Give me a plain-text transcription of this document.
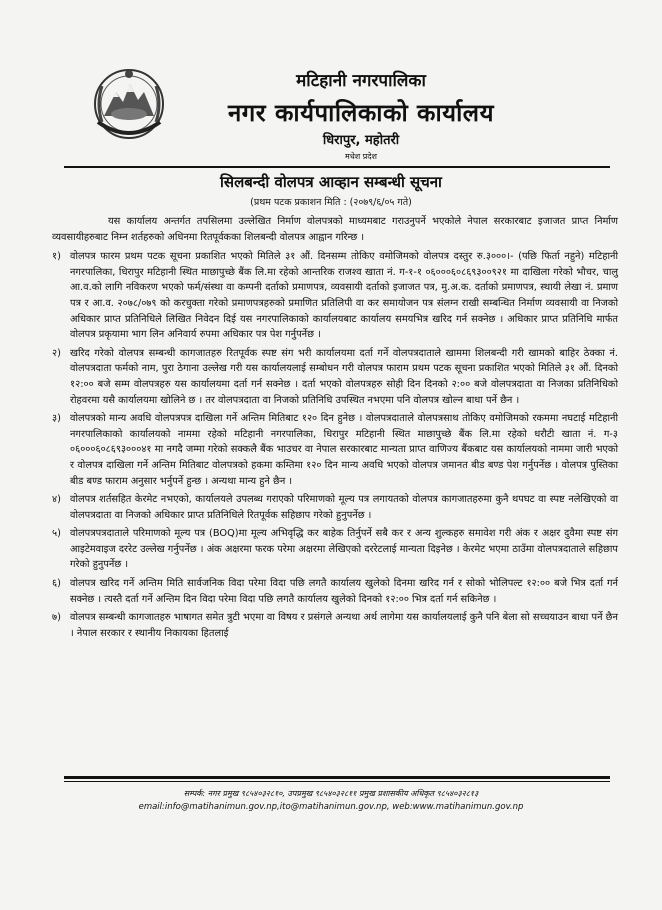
मटिहानी नगरपालिका
नगर कार्यपालिकाको कार्यालय
धिरापुर, महोतरी
मधेश प्रदेश
सिलबन्दी वोलपत्र आव्हान सम्बन्धी सूचना
(प्रथम पटक प्रकाशन मिति : (२०७९/६/०५ गते)

यस कार्यालय अन्तर्गत तपसिलमा उल्लेखित निर्माण वोलपत्रको माध्यमबाट गराउनुपर्ने भएकोले नेपाल सरकारबाट इजाजत प्राप्त निर्माण व्यवसायीहरुबाट निम्न शर्तहरुको अधिनमा रितपूर्वकका शिलबन्दी वोलपत्र आह्वान गरिन्छ ।

१) वोलपत्र फारम प्रथम पटक सूचना प्रकाशित भएको मितिले ३१ औं. दिनसम्म तोकिए वमोजिमको वोलपत्र दस्तुर रु.३०००।- (पछि फिर्ता नहुने) मटिहानी नगरपालिका, धिरापुर मटिहानी स्थित माछापुच्छे बैंक लि.मा रहेको आन्तरिक राजश्व खाता नं. ग-१-१ ०६०००६०८६९३००९२१ मा दाखिला गरेको भौचर, चालु आ.व.को लागि नविकरण भएको फर्म/संस्था वा कम्पनी दर्ताको प्रमाणपत्र, व्यवसायी दर्ताको इजाजत पत्र, मु.अ.क. दर्ताको प्रमाणपत्र, स्थायी लेखा नं. प्रमाण पत्र र आ.व. २०७८/०७९ को करचुक्ता गरेको प्रमाणपत्रहरुको प्रमाणित प्रतिलिपी वा कर समायोजन पत्र संलग्न राखी सम्बन्धित निर्माण व्यवसायी वा निजको अधिकार प्राप्त प्रतिनिधिले लिखित निवेदन दिई यस नगरपालिकाको कार्यालयबाट कार्यालय समयभित्र खरिद गर्न सक्नेछ । अधिकार प्राप्त प्रतिनिधि मार्फत वोलपत्र प्रकृयामा भाग लिन अनिवार्य रुपमा अधिकार पत्र पेश गर्नुपर्नेछ ।
२) खरिद गरेको वोलपत्र सम्बन्धी कागजातहरु रितपूर्वक स्पष्ट संग भरी कार्यालयमा दर्ता गर्ने वोलपत्रदाताले खाममा शिलबन्दी गरी खामको बाहिर ठेक्का नं. वोलपत्रदाता फर्मको नाम, पुरा ठेगाना उल्लेख गरी यस कार्यालयलाई सम्बोधन गरी वोलपत्र फाराम प्रथम पटक सूचना प्रकाशित भएको मितिले ३१ औं. दिनको १२:०० बजे सम्म वोलपत्रहरु यस कार्यालयमा दर्ता गर्न सक्नेछ । दर्ता भएको वोलपत्रहरु सोही दिन दिनको २:०० बजे वोलपत्रदाता वा निजका प्रतिनिधिको रोहवरमा यसै कार्यालयमा खोलिने छ । तर वोलपत्रदाता वा निजको प्रतिनिधि उपस्थित नभएमा पनि वोलपत्र खोल्न बाधा पर्ने छैन ।
३) वोलपत्रको मान्य अवधि वोलपत्रपत्र दाखिला गर्ने अन्तिम मितिबाट १२० दिन हुनेछ । वोलपत्रदाताले वोलपत्रसाथ तोकिए वमोजिमको रकममा नघटाई मटिहानी नगरपालिकाको कार्यालयको नाममा रहेको मटिहानी नगरपालिका, धिरापुर मटिहानी स्थित माछापुच्छे बैंक लि.मा रहेको धरौटी खाता नं. ग-३ ०६०००६०८६९३०००४१ मा नगदै जम्मा गरेको सक्कलै बैंक भाउचर वा नेपाल सरकारबाट मान्यता प्राप्त वाणिज्य बैंकबाट यस कार्यालयको नाममा जारी भएको र वोलपत्र दाखिला गर्ने अन्तिम मितिबाट वोलपत्रको हकमा कम्तिमा १२० दिन मान्य अवधि भएको वोलपत्र जमानत बीड बण्ड पेश गर्नुपर्नेछ । वोलपत्र पुस्तिका बीड बण्ड फाराम अनुसार भर्नुपर्ने हुन्छ । अन्यथा मान्य हुने छैन ।
४) वोलपत्र शर्तसहित केरमेट नभएको, कार्यालयले उपलब्ध गराएको परिमाणको मूल्य पत्र लगायतको वोलपत्र कागजातहरुमा कुनै थपघट वा स्पष्ट नलेखिएको वा वोलपत्रदाता वा निजको अधिकार प्राप्त प्रतिनिधिले रितपूर्वक सहिछाप गरेको हुनुपर्नेछ ।
५) वोलपत्रपत्रदाताले परिमाणको मूल्य पत्र (BOQ)मा मूल्य अभिवृद्धि कर बाहेक तिर्नुपर्ने सबै कर र अन्य शुल्कहरु समावेश गरी अंक र अक्षर दुवैमा स्पष्ट संग आइटेमवाइज दररेट उल्लेख गर्नुपर्नेछ । अंक अक्षरमा फरक परेमा अक्षरमा लेखिएको दररेटलाई मान्यता दिइनेछ । केरमेट भएमा ठाउँमा वोलपत्रदाताले सहिछाप गरेको हुनुपर्नेछ ।
६) वोलपत्र खरिद गर्ने अन्तिम मिति सार्वजनिक विदा परेमा विदा पछि लगतै कार्यालय खुलेको दिनमा खरिद गर्न र सोको भोलिपल्ट १२:०० बजे भित्र दर्ता गर्न सक्नेछ । त्यस्तै दर्ता गर्ने अन्तिम दिन विदा परेमा विदा पछि लगतै कार्यालय खुलेको दिनको १२:०० भित्र दर्ता गर्न सकिनेछ ।
७) वोलपत्र सम्बन्धी कागजातहरु भाषागत समेत त्रुटी भएमा वा विषय र प्रसंगले अन्यथा अर्थ लागेमा यस कार्यालयलाई कुनै पनि बेला सो सच्चयाउन बाधा पर्ने छैन । नेपाल सरकार र स्थानीय निकायका हितलाई
सम्पर्क: नगर प्रमुख ९८५४०३२८१०, उपप्रमुख ९८५४०३२८११ प्रमुख प्रशासकीय अधिकृत ९८५४०३२८१३
email:info@matihanimun.gov.np,ito@matihanimun.gov.np, web:www.matihanimun.gov.np
